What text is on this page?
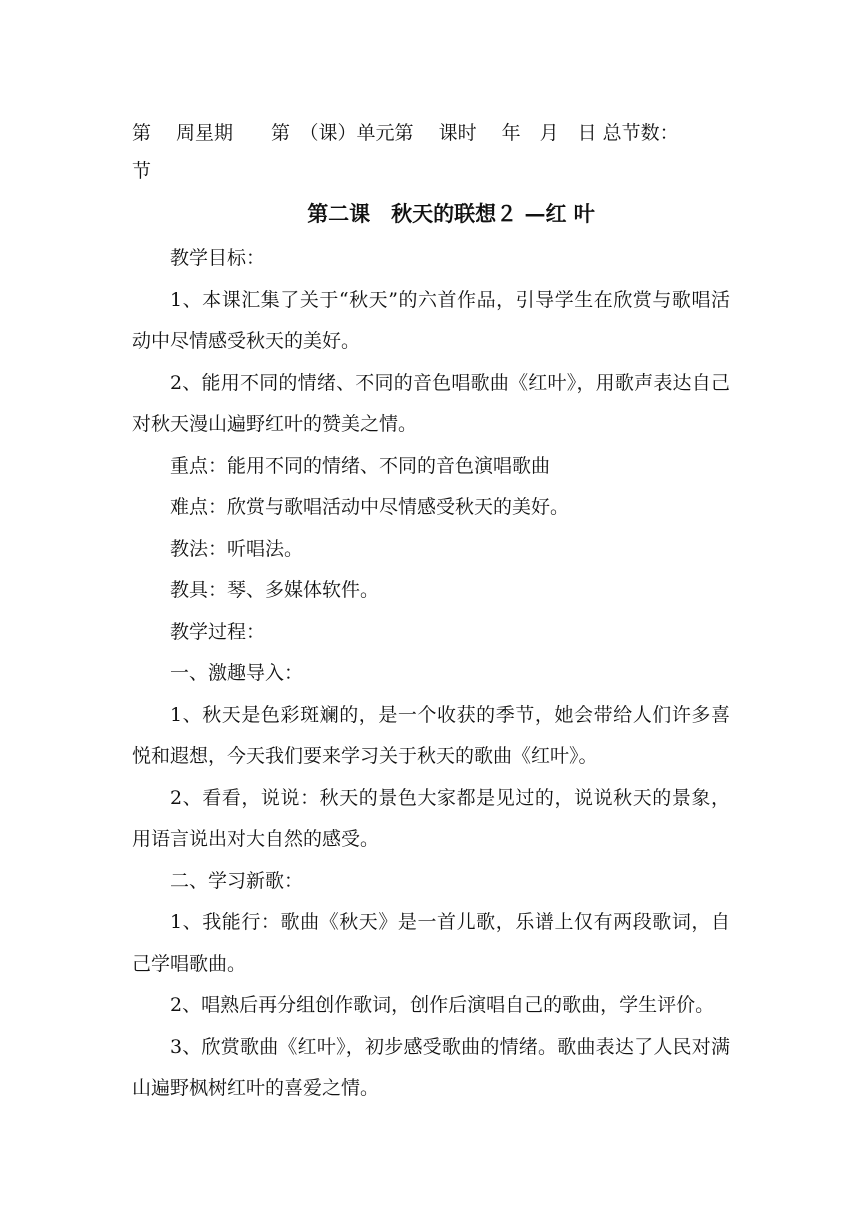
第　 周星期　　第　（课）单元第　 课时　 年　月　日 总节数：
节
第二课　秋天的联想２ —红 叶

教学目标：

1、本课汇集了关于“秋天”的六首作品，引导学生在欣赏与歌唱活动中尽情感受秋天的美好。

2、能用不同的情绪、不同的音色唱歌曲《红叶》，用歌声表达自己对秋天漫山遍野红叶的赞美之情。

重点：能用不同的情绪、不同的音色演唱歌曲

难点：欣赏与歌唱活动中尽情感受秋天的美好。

教法：听唱法。

教具：琴、多媒体软件。

教学过程：

一、激趣导入：

1、秋天是色彩斑斓的，是一个收获的季节，她会带给人们许多喜悦和遐想，今天我们要来学习关于秋天的歌曲《红叶》。

2、看看，说说：秋天的景色大家都是见过的，说说秋天的景象，用语言说出对大自然的感受。

二、学习新歌：

1、我能行：歌曲《秋天》是一首儿歌，乐谱上仅有两段歌词，自己学唱歌曲。

2、唱熟后再分组创作歌词，创作后演唱自己的歌曲，学生评价。

3、欣赏歌曲《红叶》，初步感受歌曲的情绪。歌曲表达了人民对满山遍野枫树红叶的喜爱之情。
